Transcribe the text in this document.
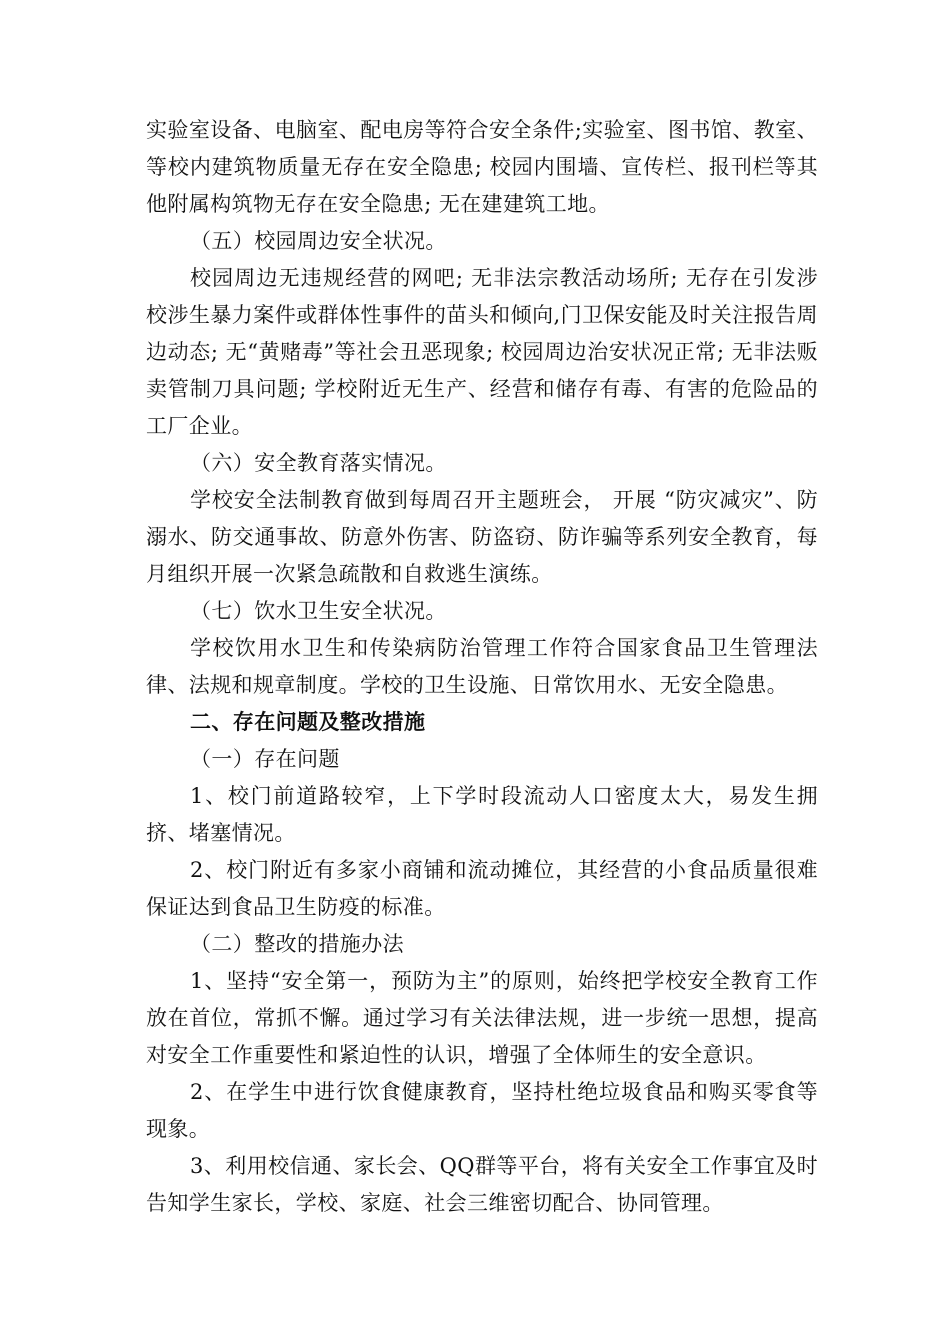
实验室设备、电脑室、配电房等符合安全条件;实验室、图书馆、教室、等校内建筑物质量无存在安全隐患; 校园内围墙、宣传栏、报刊栏等其他附属构筑物无存在安全隐患; 无在建建筑工地。

（五）校园周边安全状况。

校园周边无违规经营的网吧; 无非法宗教活动场所; 无存在引发涉校涉生暴力案件或群体性事件的苗头和倾向,门卫保安能及时关注报告周边动态; 无“黄赌毒”等社会丑恶现象; 校园周边治安状况正常; 无非法贩卖管制刀具问题; 学校附近无生产、经营和储存有毒、有害的危险品的工厂企业。

（六）安全教育落实情况。

学校安全法制教育做到每周召开主题班会， 开展 “防灾减灾”、防溺水、防交通事故、防意外伤害、防盗窃、防诈骗等系列安全教育，每月组织开展一次紧急疏散和自救逃生演练。

（七）饮水卫生安全状况。

学校饮用水卫生和传染病防治管理工作符合国家食品卫生管理法律、法规和规章制度。学校的卫生设施、日常饮用水、无安全隐患。

二、存在问题及整改措施

（一）存在问题

1、校门前道路较窄，上下学时段流动人口密度太大，易发生拥挤、堵塞情况。

2、校门附近有多家小商铺和流动摊位，其经营的小食品质量很难保证达到食品卫生防疫的标准。

（二）整改的措施办法

1、坚持“安全第一，预防为主”的原则，始终把学校安全教育工作放在首位，常抓不懈。通过学习有关法律法规，进一步统一思想，提高对安全工作重要性和紧迫性的认识，增强了全体师生的安全意识。

2、在学生中进行饮食健康教育，坚持杜绝垃圾食品和购买零食等现象。

3、利用校信通、家长会、QQ群等平台，将有关安全工作事宜及时告知学生家长，学校、家庭、社会三维密切配合、协同管理。
